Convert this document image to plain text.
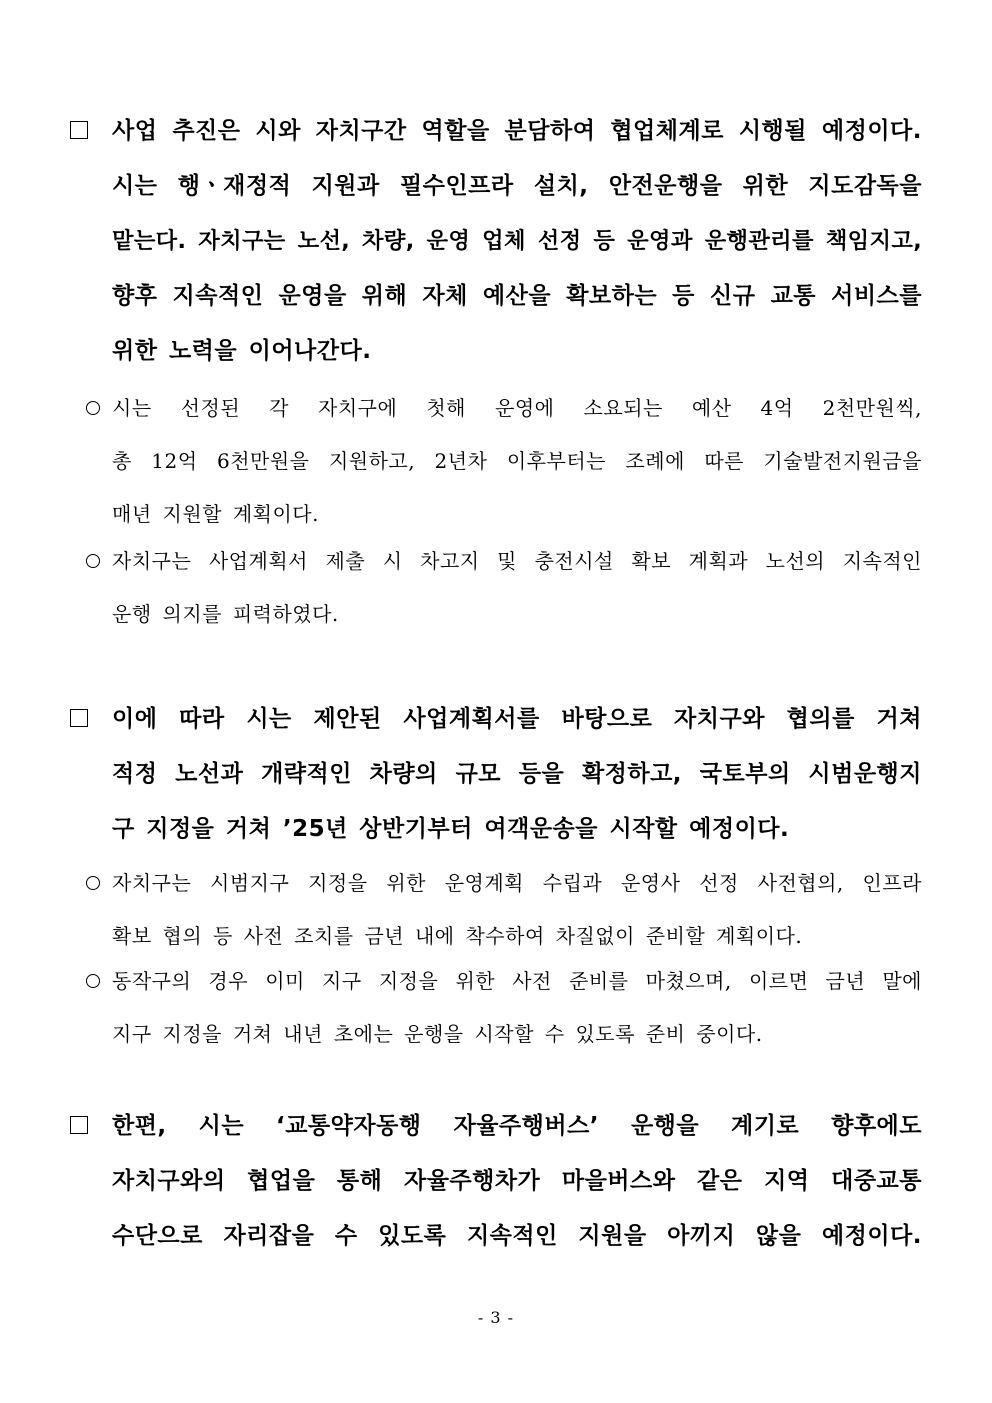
사업 추진은 시와 자치구간 역할을 분담하여 협업체계로 시행될 예정이다.
시는 행ㆍ재정적 지원과 필수인프라 설치, 안전운행을 위한 지도감독을
맡는다. 자치구는 노선, 차량, 운영 업체 선정 등 운영과 운행관리를 책임지고,
향후 지속적인 운영을 위해 자체 예산을 확보하는 등 신규 교통 서비스를
위한 노력을 이어나간다.
시는 선정된 각 자치구에 첫해 운영에 소요되는 예산 4억 2천만원씩,
총 12억 6천만원을 지원하고, 2년차 이후부터는 조례에 따른 기술발전지원금을
매년 지원할 계획이다.
자치구는 사업계획서 제출 시 차고지 및 충전시설 확보 계획과 노선의 지속적인
운행 의지를 피력하였다.
이에 따라 시는 제안된 사업계획서를 바탕으로 자치구와 협의를 거쳐
적정 노선과 개략적인 차량의 규모 등을 확정하고, 국토부의 시범운행지
구 지정을 거쳐 ’25년 상반기부터 여객운송을 시작할 예정이다.
자치구는 시범지구 지정을 위한 운영계획 수립과 운영사 선정 사전협의, 인프라
확보 협의 등 사전 조치를 금년 내에 착수하여 차질없이 준비할 계획이다.
동작구의 경우 이미 지구 지정을 위한 사전 준비를 마쳤으며, 이르면 금년 말에
지구 지정을 거쳐 내년 초에는 운행을 시작할 수 있도록 준비 중이다.
한편, 시는 ‘교통약자동행 자율주행버스’ 운행을 계기로 향후에도
자치구와의 협업을 통해 자율주행차가 마을버스와 같은 지역 대중교통
수단으로 자리잡을 수 있도록 지속적인 지원을 아끼지 않을 예정이다.
- 3 -
